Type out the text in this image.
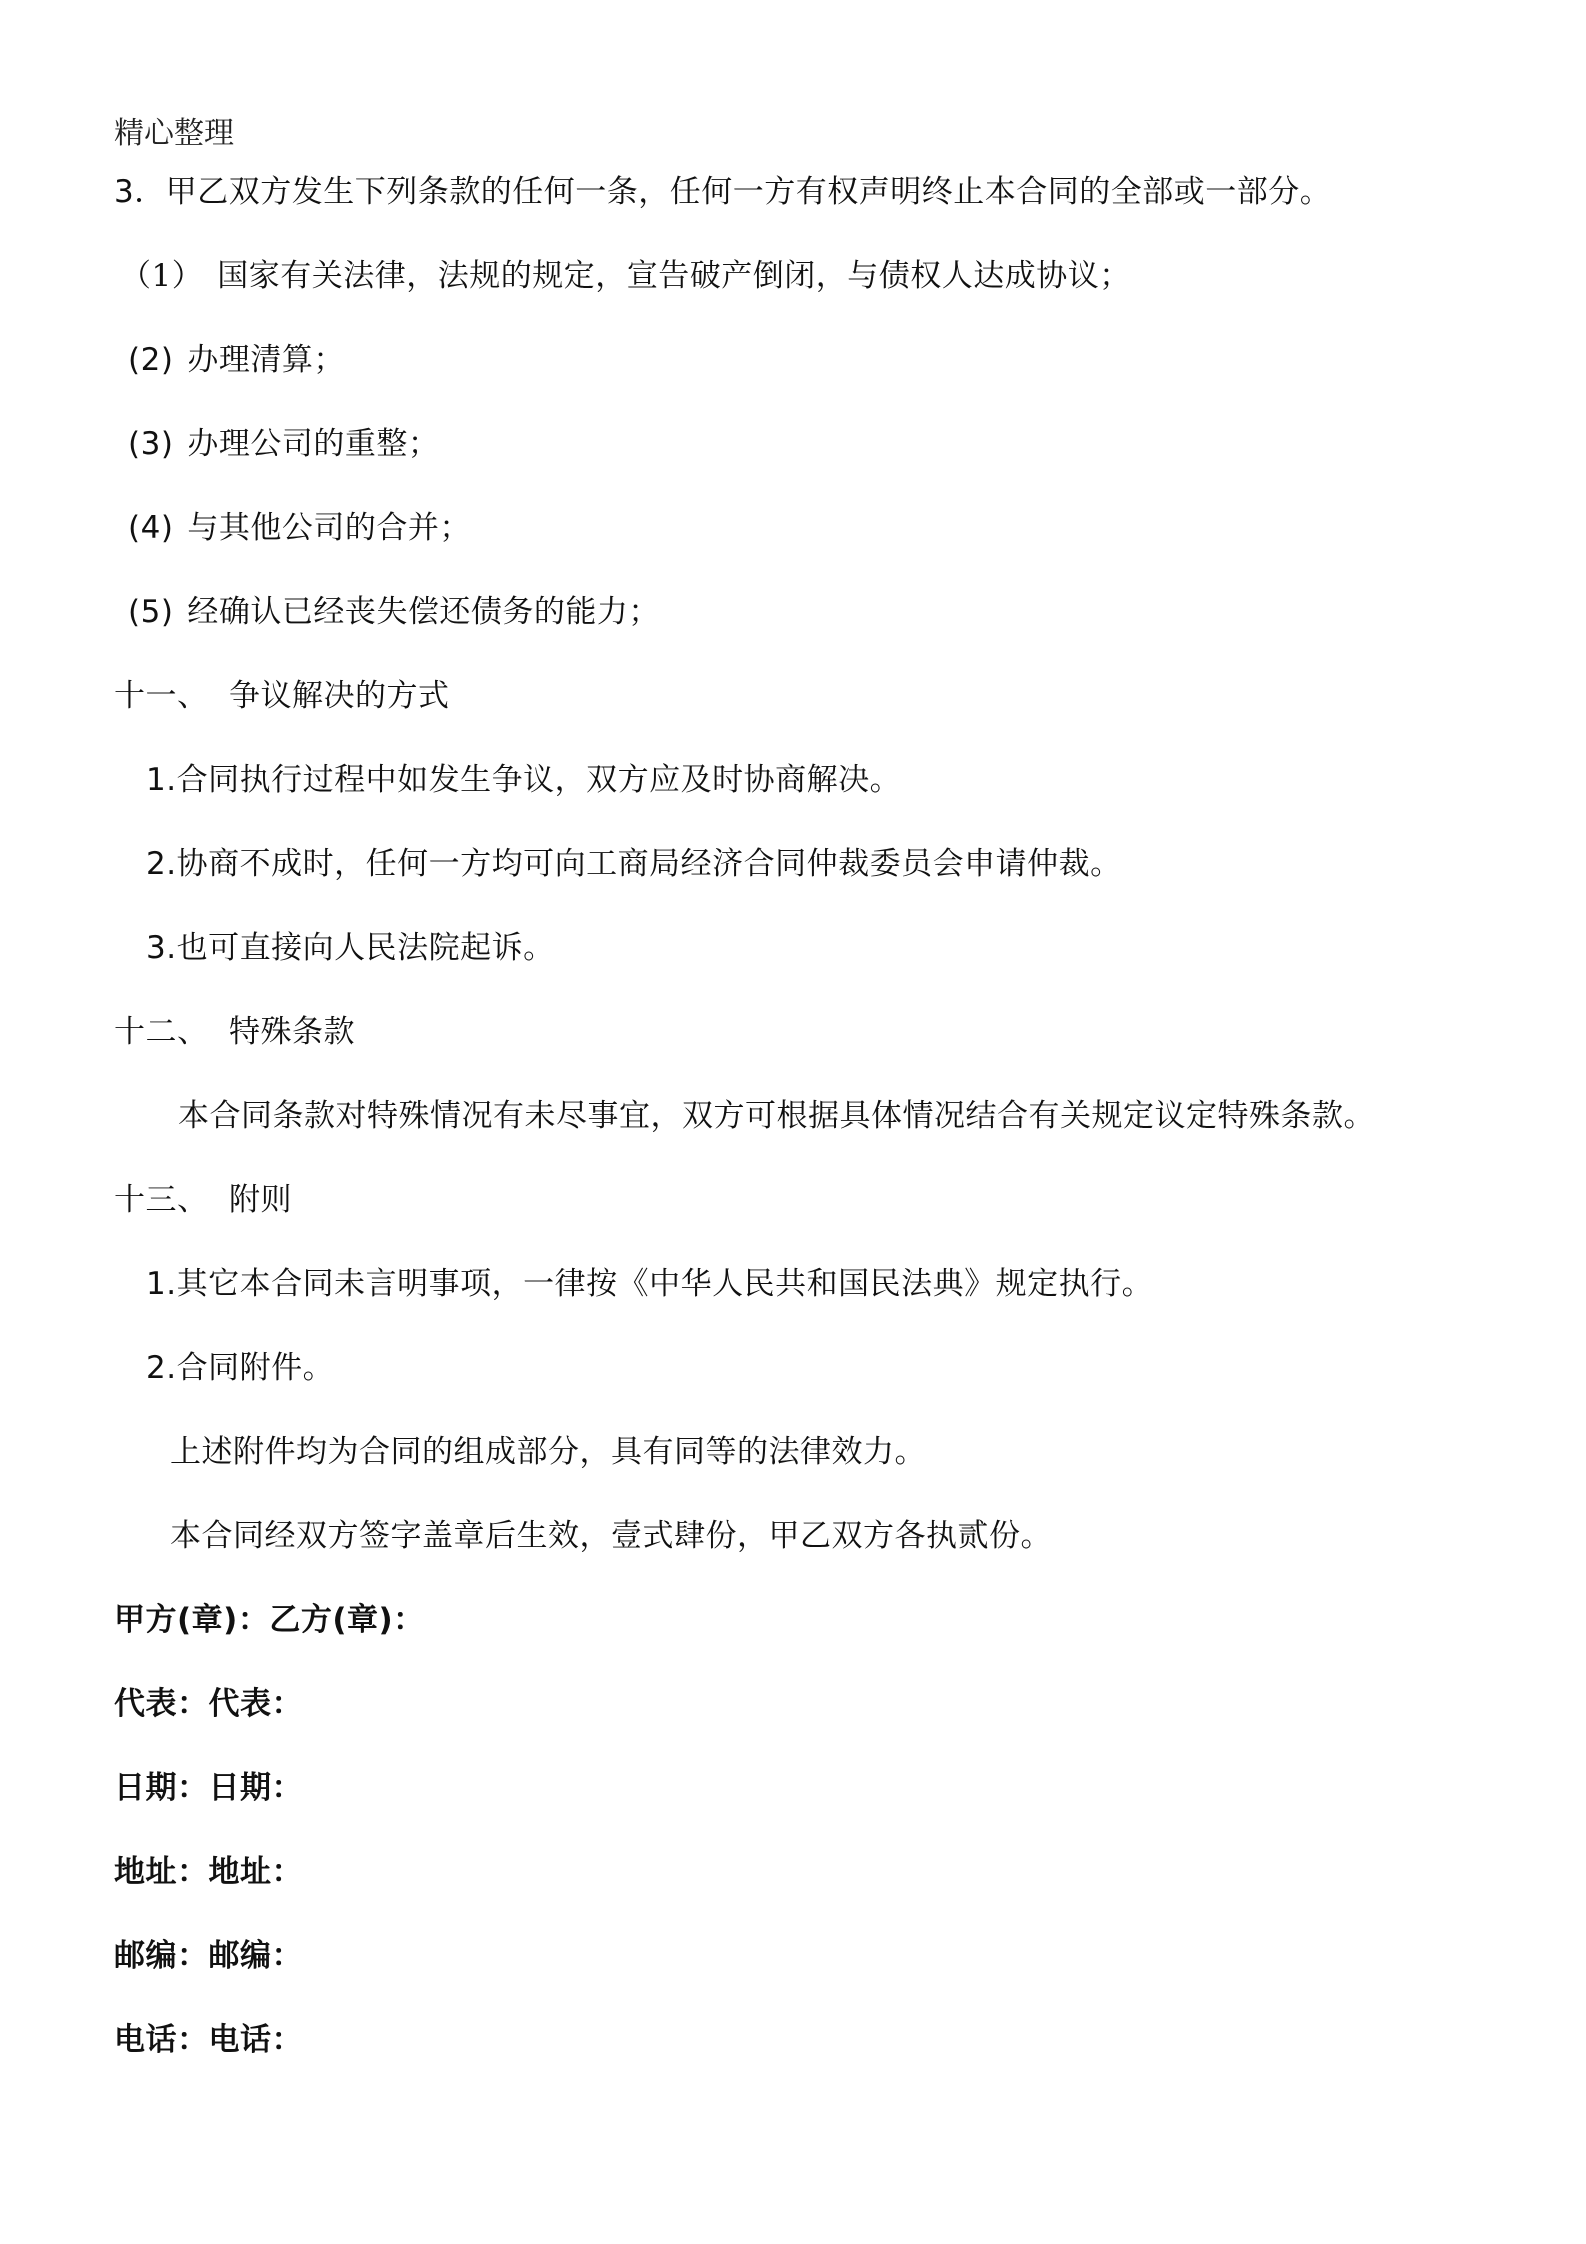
精心整理
3．甲乙双方发生下列条款的任何一条，任何一方有权声明终止本合同的全部或一部分。
（1） 国家有关法律，法规的规定，宣告破产倒闭，与债权人达成协议；
(2) 办理清算；
(3) 办理公司的重整；
(4) 与其他公司的合并；
(5) 经确认已经丧失偿还债务的能力；
十一、 争议解决的方式
1.合同执行过程中如发生争议，双方应及时协商解决。
2.协商不成时，任何一方均可向工商局经济合同仲裁委员会申请仲裁。
3.也可直接向人民法院起诉。
十二、 特殊条款
本合同条款对特殊情况有未尽事宜，双方可根据具体情况结合有关规定议定特殊条款。
十三、 附则
1.其它本合同未言明事项，一律按《中华人民共和国民法典》规定执行。
2.合同附件。
上述附件均为合同的组成部分，具有同等的法律效力。
本合同经双方签字盖章后生效，壹式肆份，甲乙双方各执贰份。
甲方(章)：乙方(章)：
代表：代表：
日期：日期：
地址：地址：
邮编：邮编：
电话：电话：
